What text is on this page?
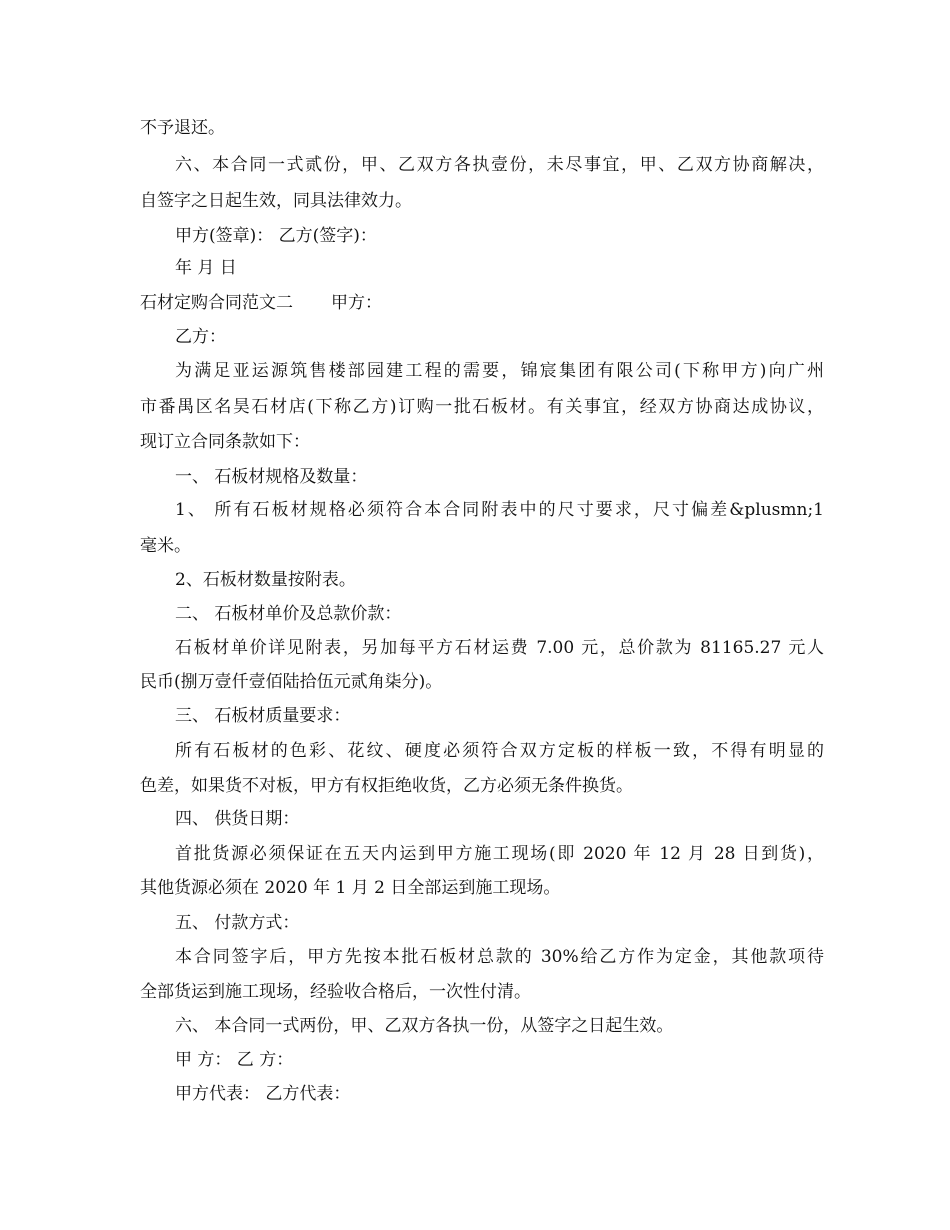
不予退还。
六、本合同一式贰份，甲、乙双方各执壹份，未尽事宜，甲、乙双方协商解决，
自签字之日起生效，同具法律效力。
甲方(签章)： 乙方(签字)：
年 月 日
石材定购合同范文二 甲方：
乙方：
为满足亚运源筑售楼部园建工程的需要，锦宸集团有限公司(下称甲方)向广州
市番禺区名昊石材店(下称乙方)订购一批石板材。有关事宜，经双方协商达成协议，
现订立合同条款如下：
一、 石板材规格及数量：
1、 所有石板材规格必须符合本合同附表中的尺寸要求，尺寸偏差&plusmn;1
毫米。
2、石板材数量按附表。
二、 石板材单价及总款价款：
石板材单价详见附表，另加每平方石材运费 7.00 元，总价款为 81165.27 元人
民币(捌万壹仟壹佰陆拾伍元贰角柒分)。
三、 石板材质量要求：
所有石板材的色彩、花纹、硬度必须符合双方定板的样板一致，不得有明显的
色差，如果货不对板，甲方有权拒绝收货，乙方必须无条件换货。
四、 供货日期：
首批货源必须保证在五天内运到甲方施工现场(即 2020 年 12 月 28 日到货)，
其他货源必须在 2020 年 1 月 2 日全部运到施工现场。
五、 付款方式：
本合同签字后，甲方先按本批石板材总款的 30%给乙方作为定金，其他款项待
全部货运到施工现场，经验收合格后，一次性付清。
六、 本合同一式两份，甲、乙双方各执一份，从签字之日起生效。
甲 方： 乙 方：
甲方代表： 乙方代表：
